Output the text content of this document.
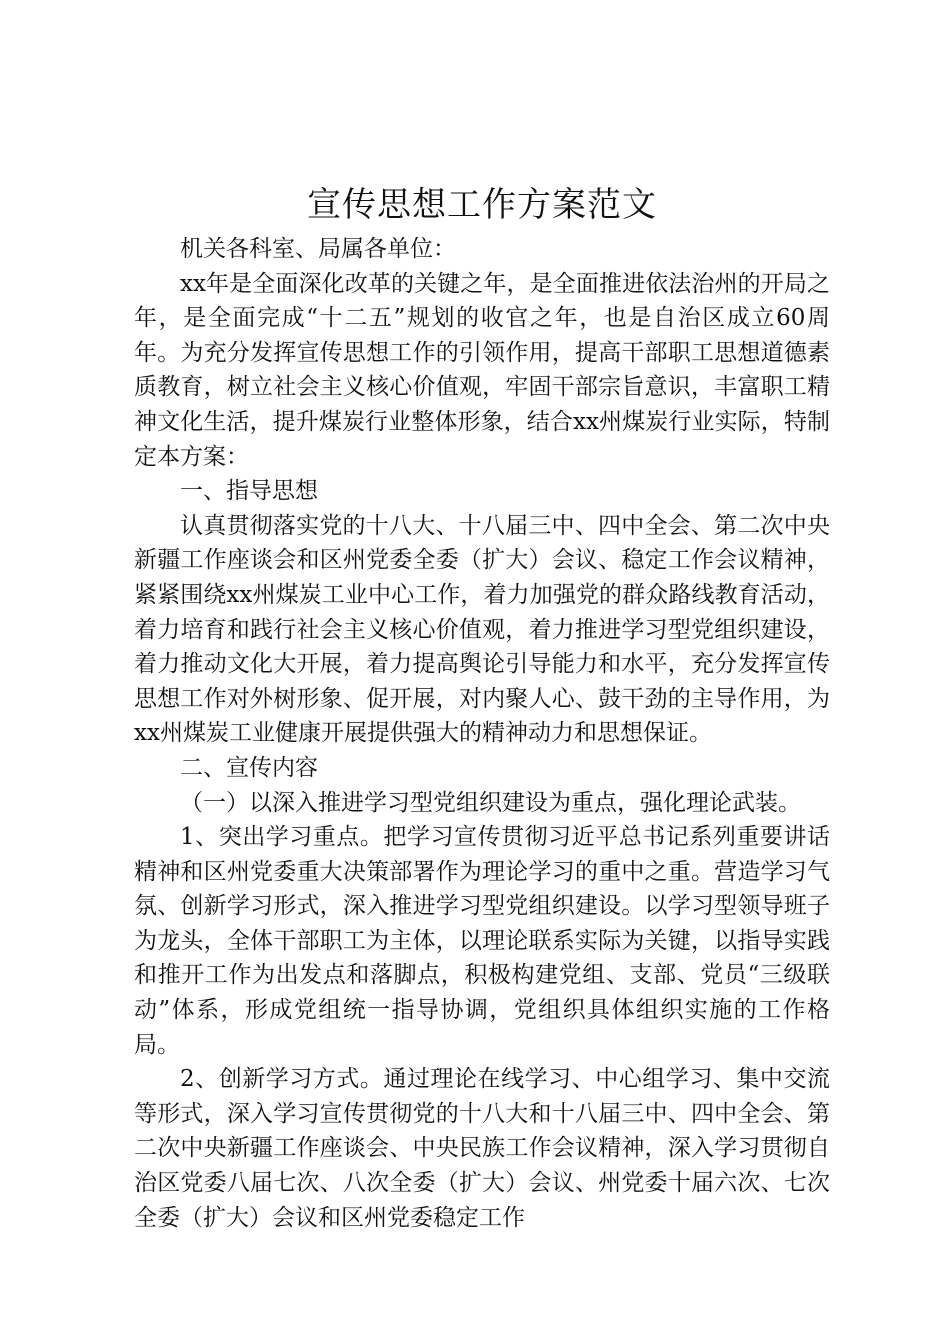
宣传思想工作方案范文

机关各科室、局属各单位：

xx年是全面深化改革的关键之年，是全面推进依法治州的开局之年，是全面完成“十二五”规划的收官之年，也是自治区成立60周年。为充分发挥宣传思想工作的引领作用，提高干部职工思想道德素质教育，树立社会主义核心价值观，牢固干部宗旨意识，丰富职工精神文化生活，提升煤炭行业整体形象，结合xx州煤炭行业实际，特制定本方案：

一、指导思想

认真贯彻落实党的十八大、十八届三中、四中全会、第二次中央新疆工作座谈会和区州党委全委（扩大）会议、稳定工作会议精神，紧紧围绕xx州煤炭工业中心工作，着力加强党的群众路线教育活动，着力培育和践行社会主义核心价值观，着力推进学习型党组织建设，着力推动文化大开展，着力提高舆论引导能力和水平，充分发挥宣传思想工作对外树形象、促开展，对内聚人心、鼓干劲的主导作用，为xx州煤炭工业健康开展提供强大的精神动力和思想保证。

二、宣传内容

（一）以深入推进学习型党组织建设为重点，强化理论武装。

1、突出学习重点。把学习宣传贯彻习近平总书记系列重要讲话精神和区州党委重大决策部署作为理论学习的重中之重。营造学习气氛、创新学习形式，深入推进学习型党组织建设。以学习型领导班子为龙头，全体干部职工为主体，以理论联系实际为关键，以指导实践和推开工作为出发点和落脚点，积极构建党组、支部、党员“三级联动”体系，形成党组统一指导协调，党组织具体组织实施的工作格局。

2、创新学习方式。通过理论在线学习、中心组学习、集中交流等形式，深入学习宣传贯彻党的十八大和十八届三中、四中全会、第二次中央新疆工作座谈会、中央民族工作会议精神，深入学习贯彻自治区党委八届七次、八次全委（扩大）会议、州党委十届六次、七次全委（扩大）会议和区州党委稳定工作
